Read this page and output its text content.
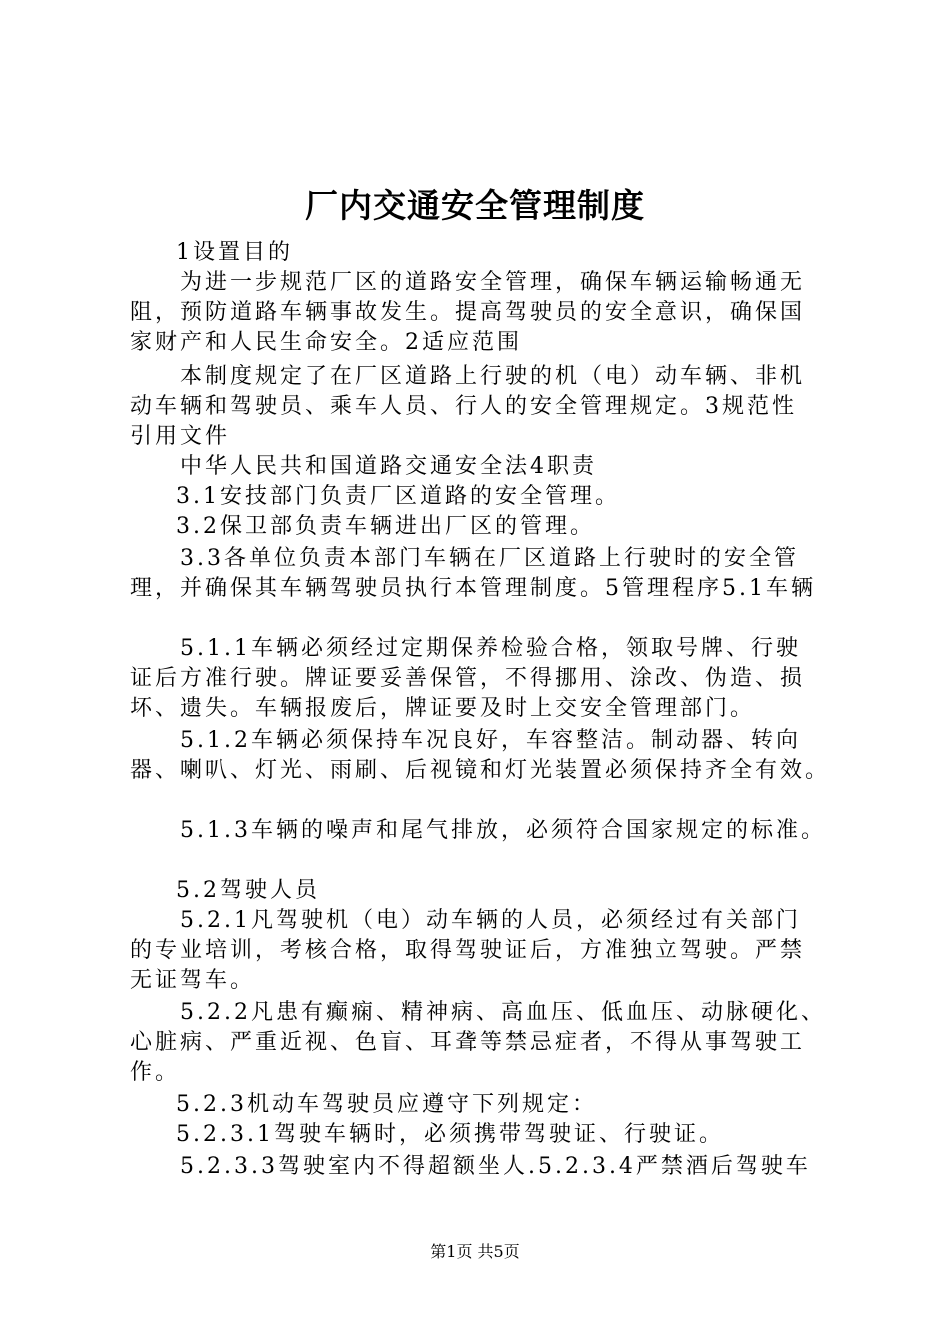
厂内交通安全管理制度
1设置目的
为进一步规范厂区的道路安全管理，确保车辆运输畅通无
阻，预防道路车辆事故发生。提高驾驶员的安全意识，确保国
家财产和人民生命安全。2适应范围
本制度规定了在厂区道路上行驶的机（电）动车辆、非机
动车辆和驾驶员、乘车人员、行人的安全管理规定。3规范性
引用文件
中华人民共和国道路交通安全法4职责
3.1安技部门负责厂区道路的安全管理。
3.2保卫部负责车辆进出厂区的管理。
3.3各单位负责本部门车辆在厂区道路上行驶时的安全管
理，并确保其车辆驾驶员执行本管理制度。5管理程序5.1车辆
5.1.1车辆必须经过定期保养检验合格，领取号牌、行驶
证后方准行驶。牌证要妥善保管，不得挪用、涂改、伪造、损
坏、遗失。车辆报废后，牌证要及时上交安全管理部门。
5.1.2车辆必须保持车况良好，车容整洁。制动器、转向
器、喇叭、灯光、雨刷、后视镜和灯光装置必须保持齐全有效。
5.1.3车辆的噪声和尾气排放，必须符合国家规定的标准。
5.2驾驶人员
5.2.1凡驾驶机（电）动车辆的人员，必须经过有关部门
的专业培训，考核合格，取得驾驶证后，方准独立驾驶。严禁
无证驾车。
5.2.2凡患有癫痫、精神病、高血压、低血压、动脉硬化、
心脏病、严重近视、色盲、耳聋等禁忌症者，不得从事驾驶工
作。
5.2.3机动车驾驶员应遵守下列规定：
5.2.3.1驾驶车辆时，必须携带驾驶证、行驶证。
5.2.3.3驾驶室内不得超额坐人.5.2.3.4严禁酒后驾驶车
第1页 共5页
